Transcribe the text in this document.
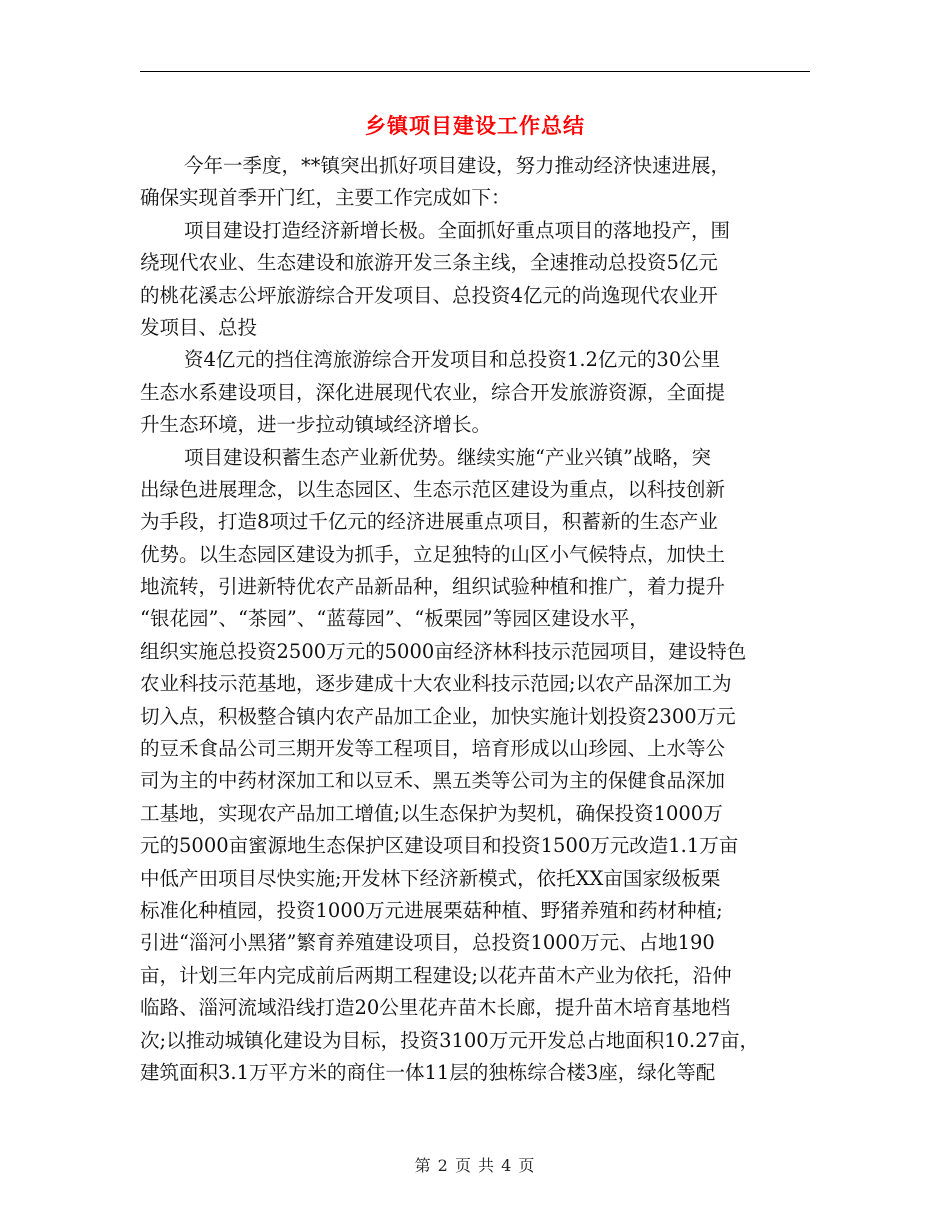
乡镇项目建设工作总结
今年一季度，**镇突出抓好项目建设，努力推动经济快速进展，
确保实现首季开门红，主要工作完成如下：
项目建设打造经济新增长极。全面抓好重点项目的落地投产，围
绕现代农业、生态建设和旅游开发三条主线，全速推动总投资5亿元
的桃花溪志公坪旅游综合开发项目、总投资4亿元的尚逸现代农业开
发项目、总投
资4亿元的挡住湾旅游综合开发项目和总投资1.2亿元的30公里
生态水系建设项目，深化进展现代农业，综合开发旅游资源，全面提
升生态环境，进一步拉动镇域经济增长。
项目建设积蓄生态产业新优势。继续实施“产业兴镇”战略，突
出绿色进展理念，以生态园区、生态示范区建设为重点，以科技创新
为手段，打造8项过千亿元的经济进展重点项目，积蓄新的生态产业
优势。以生态园区建设为抓手，立足独特的山区小气候特点，加快土
地流转，引进新特优农产品新品种，组织试验种植和推广，着力提升
“银花园”、“茶园”、“蓝莓园”、“板栗园”等园区建设水平，
组织实施总投资2500万元的5000亩经济林科技示范园项目，建设特色
农业科技示范基地，逐步建成十大农业科技示范园;以农产品深加工为
切入点，积极整合镇内农产品加工企业，加快实施计划投资2300万元
的豆禾食品公司三期开发等工程项目，培育形成以山珍园、上水等公
司为主的中药材深加工和以豆禾、黑五类等公司为主的保健食品深加
工基地，实现农产品加工增值;以生态保护为契机，确保投资1000万
元的5000亩蜜源地生态保护区建设项目和投资1500万元改造1.1万亩
中低产田项目尽快实施;开发林下经济新模式，依托XX亩国家级板栗
标准化种植园，投资1000万元进展栗菇种植、野猪养殖和药材种植;
引进“淄河小黑猪”繁育养殖建设项目，总投资1000万元、占地190
亩，计划三年内完成前后两期工程建设;以花卉苗木产业为依托，沿仲
临路、淄河流域沿线打造20公里花卉苗木长廊，提升苗木培育基地档
次;以推动城镇化建设为目标，投资3100万元开发总占地面积10.27亩，
建筑面积3.1万平方米的商住一体11层的独栋综合楼3座，绿化等配
第 2 页 共 4 页
